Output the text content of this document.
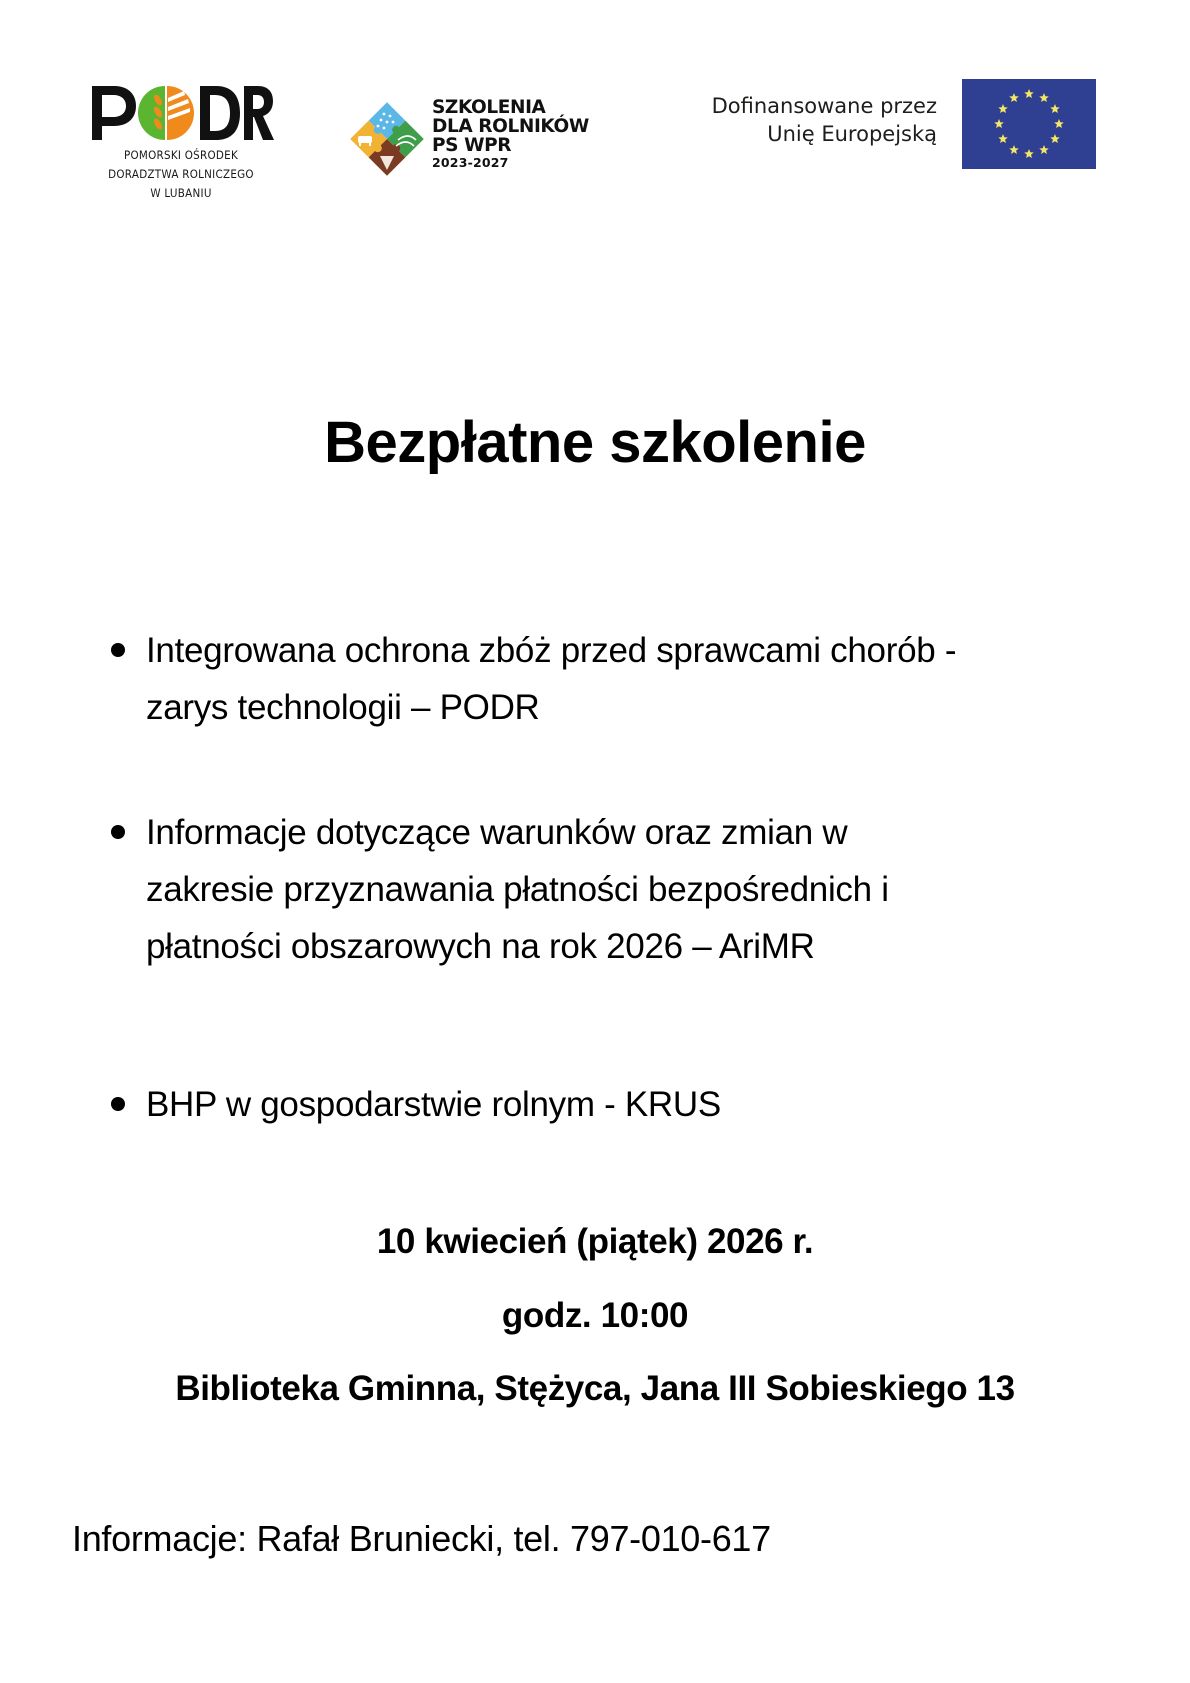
POMORSKI OŚRODEK
DORADZTWA ROLNICZEGO
W LUBANIU
SZKOLENIA
DLA ROLNIKÓW
PS WPR
2023-2027
Dofinansowane przez
Unię Europejską
Bezpłatne szkolenie
Integrowana ochrona zbóż przed sprawcami chorób -
zarys technologii – PODR
Informacje dotyczące warunków oraz zmian w
zakresie przyznawania płatności bezpośrednich i
płatności obszarowych na rok 2026 – AriMR
BHP w gospodarstwie rolnym - KRUS
10 kwiecień (piątek) 2026 r.
godz. 10:00
Biblioteka Gminna, Stężyca, Jana III Sobieskiego 13
Informacje: Rafał Bruniecki, tel. 797-010-617
